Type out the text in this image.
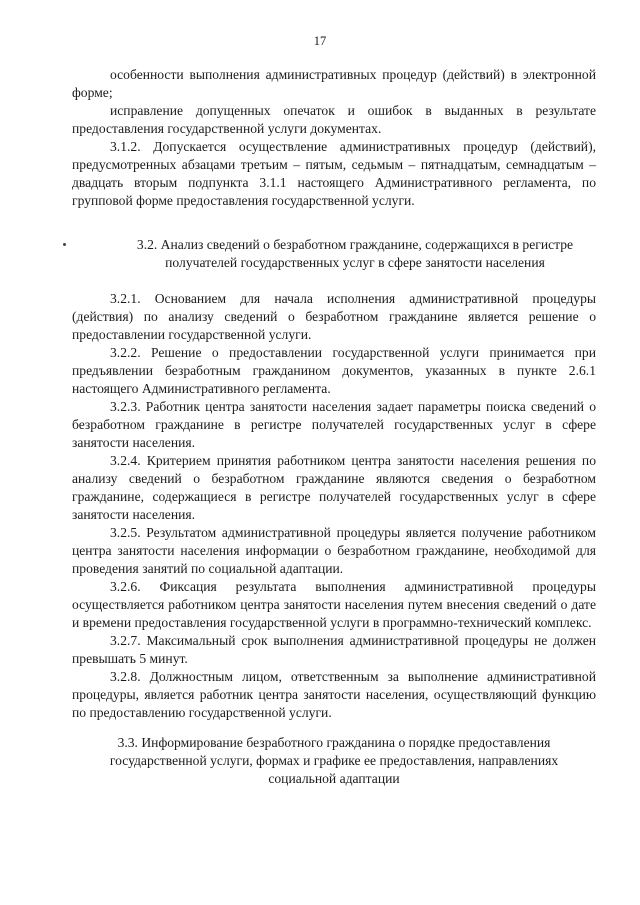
17

особенности выполнения административных процедур (действий) в электронной форме;

исправление допущенных опечаток и ошибок в выданных в результате предоставления государственной услуги документах.

3.1.2. Допускается осуществление административных процедур (действий), предусмотренных абзацами третьим – пятым, седьмым – пятнадцатым, семнадцатым – двадцать вторым подпункта 3.1.1 настоящего Административного регламента, по групповой форме предоставления государственной услуги.

3.2. Анализ сведений о безработном гражданине, содержащихся в регистре получателей государственных услуг в сфере занятости населения

3.2.1. Основанием для начала исполнения административной процедуры (действия) по анализу сведений о безработном гражданине является решение о предоставлении государственной услуги.

3.2.2. Решение о предоставлении государственной услуги принимается при предъявлении безработным гражданином документов, указанных в пункте 2.6.1 настоящего Административного регламента.

3.2.3. Работник центра занятости населения задает параметры поиска сведений о безработном гражданине в регистре получателей государственных услуг в сфере занятости населения.

3.2.4. Критерием принятия работником центра занятости населения решения по анализу сведений о безработном гражданине являются сведения о безработном гражданине, содержащиеся в регистре получателей государственных услуг в сфере занятости населения.

3.2.5. Результатом административной процедуры является получение работником центра занятости населения информации о безработном гражданине, необходимой для проведения занятий по социальной адаптации.

3.2.6. Фиксация результата выполнения административной процедуры осуществляется работником центра занятости населения путем внесения сведений о дате и времени предоставления государственной услуги в программно-технический комплекс.

3.2.7. Максимальный срок выполнения административной процедуры не должен превышать 5 минут.

3.2.8. Должностным лицом, ответственным за выполнение административной процедуры, является работник центра занятости населения, осуществляющий функцию по предоставлению государственной услуги.

3.3. Информирование безработного гражданина о порядке предоставления государственной услуги, формах и графике ее предоставления, направлениях социальной адаптации
